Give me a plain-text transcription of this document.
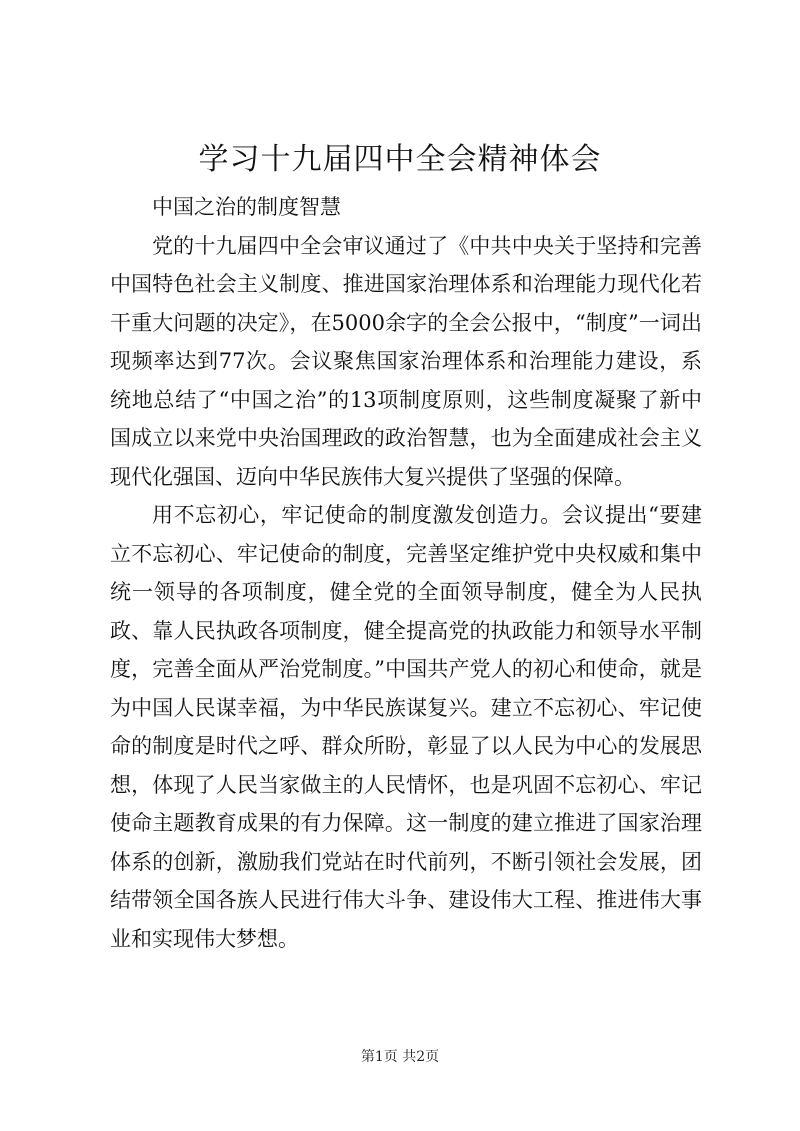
学习十九届四中全会精神体会

中国之治的制度智慧

党的十九届四中全会审议通过了《中共中央关于坚持和完善中国特色社会主义制度、推进国家治理体系和治理能力现代化若干重大问题的决定》，在5000余字的全会公报中，“制度”一词出现频率达到77次。会议聚焦国家治理体系和治理能力建设，系统地总结了“中国之治”的13项制度原则，这些制度凝聚了新中国成立以来党中央治国理政的政治智慧，也为全面建成社会主义现代化强国、迈向中华民族伟大复兴提供了坚强的保障。

用不忘初心，牢记使命的制度激发创造力。会议提出“要建立不忘初心、牢记使命的制度，完善坚定维护党中央权威和集中统一领导的各项制度，健全党的全面领导制度，健全为人民执政、靠人民执政各项制度，健全提高党的执政能力和领导水平制度，完善全面从严治党制度。”中国共产党人的初心和使命，就是为中国人民谋幸福，为中华民族谋复兴。建立不忘初心、牢记使命的制度是时代之呼、群众所盼，彰显了以人民为中心的发展思想，体现了人民当家做主的人民情怀，也是巩固不忘初心、牢记使命主题教育成果的有力保障。这一制度的建立推进了国家治理体系的创新，激励我们党站在时代前列，不断引领社会发展，团结带领全国各族人民进行伟大斗争、建设伟大工程、推进伟大事业和实现伟大梦想。

第1页 共2页
